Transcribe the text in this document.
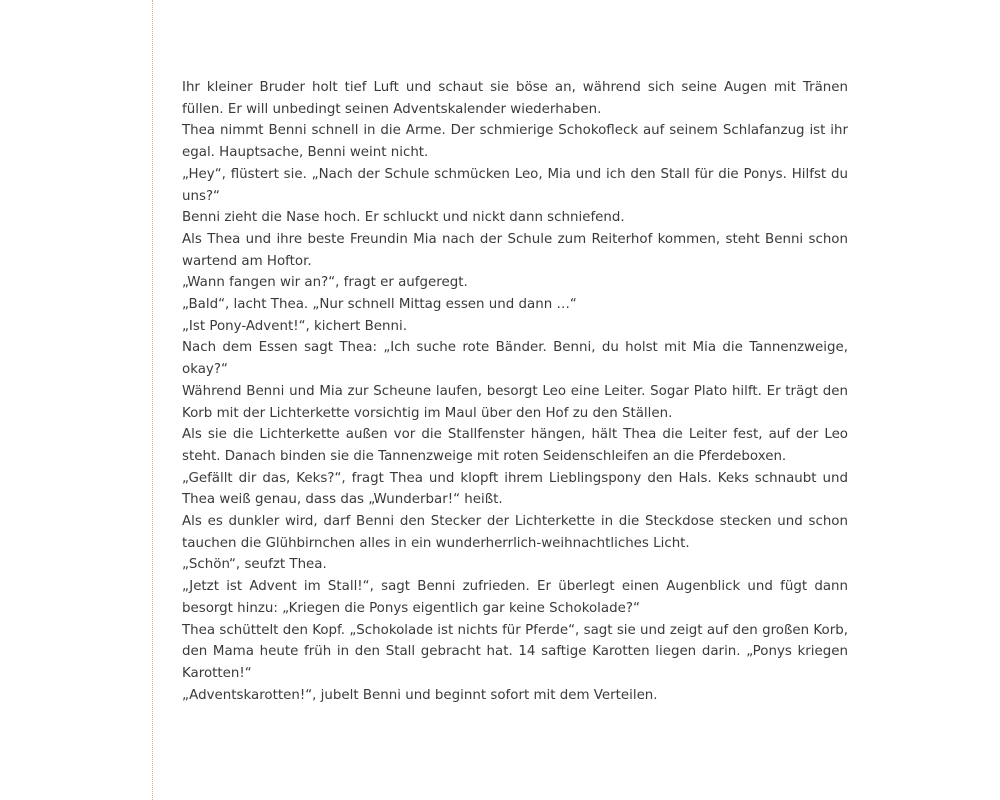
Ihr kleiner Bruder holt tief Luft und schaut sie böse an, während sich seine Augen mit Tränen füllen. Er will unbedingt seinen Adventskalender wiederhaben.

Thea nimmt Benni schnell in die Arme. Der schmierige Schokofleck auf seinem Schlafanzug ist ihr egal. Hauptsache, Benni weint nicht.

„Hey“, flüstert sie. „Nach der Schule schmücken Leo, Mia und ich den Stall für die Ponys. Hilfst du uns?“

Benni zieht die Nase hoch. Er schluckt und nickt dann schniefend.

Als Thea und ihre beste Freundin Mia nach der Schule zum Reiterhof kommen, steht Benni schon wartend am Hoftor.

„Wann fangen wir an?“, fragt er aufgeregt.

„Bald“, lacht Thea. „Nur schnell Mittag essen und dann …“

„Ist Pony-Advent!“, kichert Benni.

Nach dem Essen sagt Thea: „Ich suche rote Bänder. Benni, du holst mit Mia die Tannenzweige, okay?“

Während Benni und Mia zur Scheune laufen, besorgt Leo eine Leiter. Sogar Plato hilft. Er trägt den Korb mit der Lichterkette vorsichtig im Maul über den Hof zu den Ställen.

Als sie die Lichterkette außen vor die Stallfenster hängen, hält Thea die Leiter fest, auf der Leo steht. Danach binden sie die Tannenzweige mit roten Seidenschleifen an die Pferdeboxen.

„Gefällt dir das, Keks?“, fragt Thea und klopft ihrem Lieblingspony den Hals. Keks schnaubt und Thea weiß genau, dass das „Wunderbar!“ heißt.

Als es dunkler wird, darf Benni den Stecker der Lichterkette in die Steckdose stecken und schon tauchen die Glühbirnchen alles in ein wunderherrlich-weihnachtliches Licht.

„Schön“, seufzt Thea.

„Jetzt ist Advent im Stall!“, sagt Benni zufrieden. Er überlegt einen Augenblick und fügt dann besorgt hinzu: „Kriegen die Ponys eigentlich gar keine Schokolade?“

Thea schüttelt den Kopf. „Schokolade ist nichts für Pferde“, sagt sie und zeigt auf den großen Korb, den Mama heute früh in den Stall gebracht hat. 14 saftige Karotten liegen darin. „Ponys kriegen Karotten!“

„Adventskarotten!“, jubelt Benni und beginnt sofort mit dem Verteilen.
